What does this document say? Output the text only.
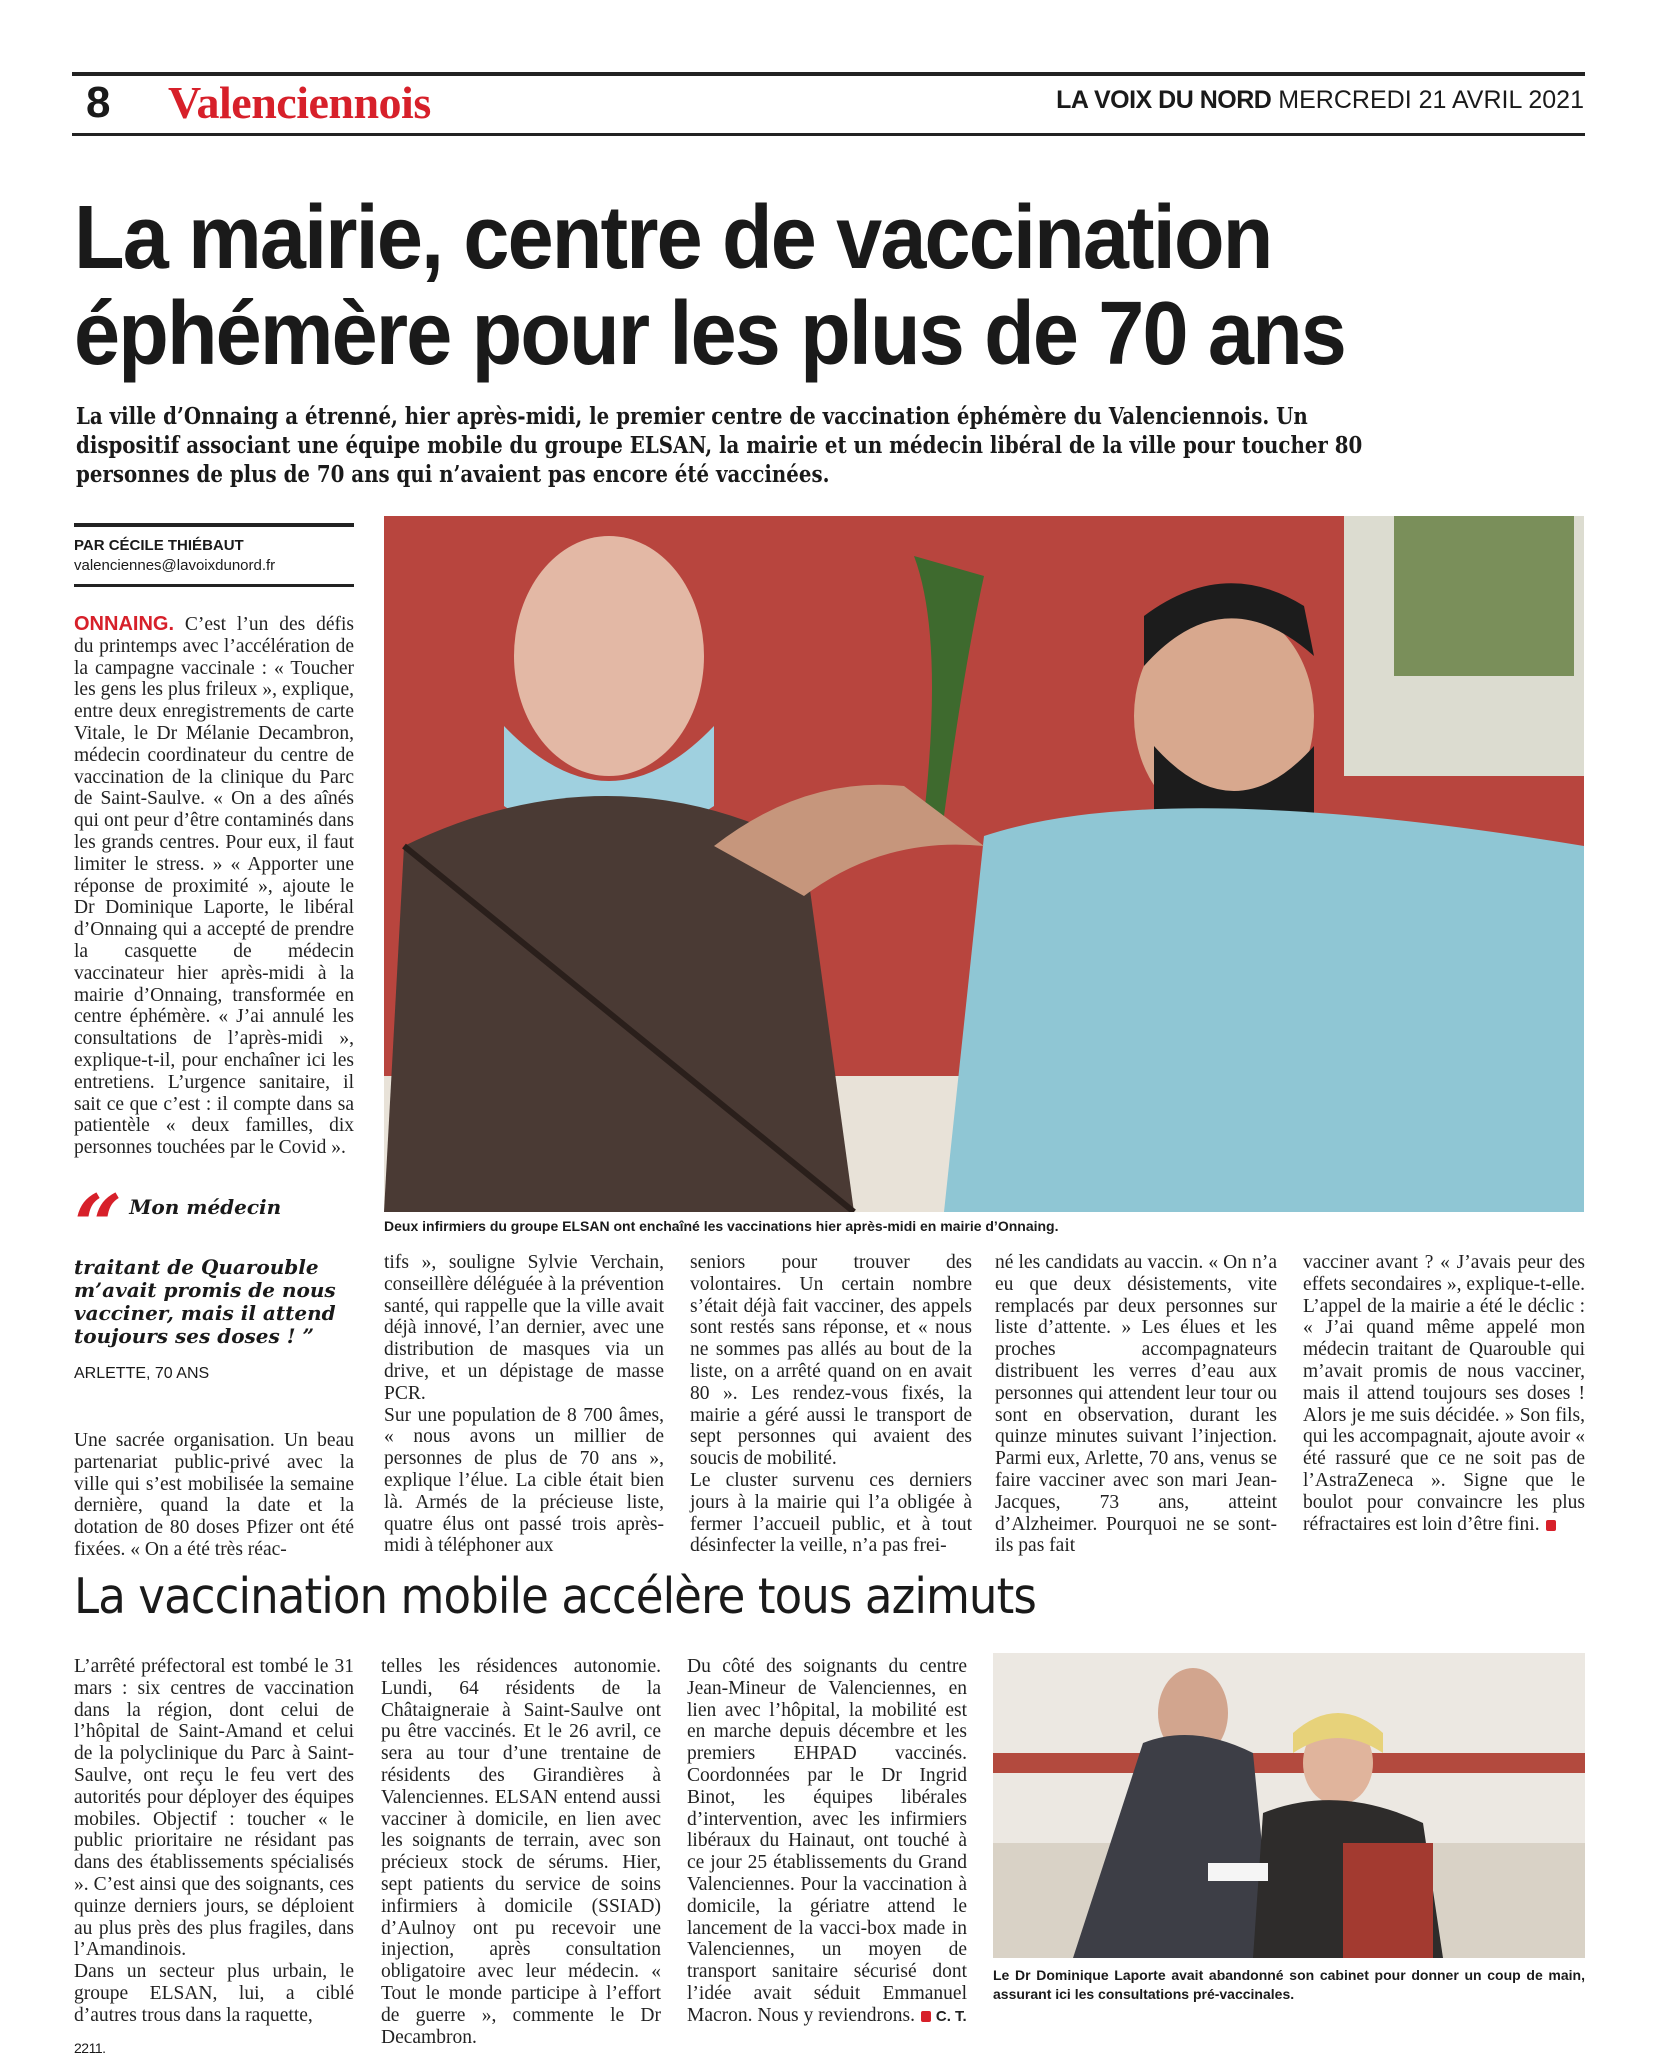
8 Valenciennois	LA VOIX DU NORD MERCREDI 21 AVRIL 2021
La mairie, centre de vaccination
éphémère pour les plus de 70 ans
La ville d’Onnaing a étrenné, hier après-midi, le premier centre de vaccination éphémère du Valenciennois. Un dispositif associant une équipe mobile du groupe ELSAN, la mairie et un médecin libéral de la ville pour toucher 80 personnes de plus de 70 ans qui n’avaient pas encore été vaccinées.
PAR CÉCILE THIÉBAUT
valenciennes@lavoixdunord.fr
ONNAING. C’est l’un des défis du printemps avec l’accélération de la campagne vaccinale : « Toucher les gens les plus frileux », explique, entre deux enregistrements de carte Vitale, le Dr Mélanie Decambron, médecin coordinateur du centre de vaccination de la clinique du Parc de Saint-Saulve. « On a des aînés qui ont peur d’être contaminés dans les grands centres. Pour eux, il faut limiter le stress. » « Apporter une réponse de proximité », ajoute le Dr Dominique Laporte, le libéral d’Onnaing qui a accepté de prendre la casquette de médecin vaccinateur hier après-midi à la mairie d’Onnaing, transformée en centre éphémère. « J’ai annulé les consultations de l’après-midi », explique-t-il, pour enchaîner ici les entretiens. L’urgence sanitaire, il sait ce que c’est : il compte dans sa patientèle « deux familles, dix personnes touchées par le Covid ».
“ Mon médecin traitant de Quarouble m’avait promis de nous vacciner, mais il attend toujours ses doses ! ”
ARLETTE, 70 ANS
Une sacrée organisation. Un beau partenariat public-privé avec la ville qui s’est mobilisée la semaine dernière, quand la date et la dotation de 80 doses Pfizer ont été fixées. « On a été très réac-
Deux infirmiers du groupe ELSAN ont enchaîné les vaccinations hier après-midi en mairie d’Onnaing.
tifs », souligne Sylvie Verchain, conseillère déléguée à la prévention santé, qui rappelle que la ville avait déjà innové, l’an dernier, avec une distribution de masques via un drive, et un dépistage de masse PCR.
Sur une population de 8 700 âmes, « nous avons un millier de personnes de plus de 70 ans », explique l’élue. La cible était bien là. Armés de la précieuse liste, quatre élus ont passé trois après-midi à téléphoner aux
seniors pour trouver des volontaires. Un certain nombre s’était déjà fait vacciner, des appels sont restés sans réponse, et « nous ne sommes pas allés au bout de la liste, on a arrêté quand on en avait 80 ». Les rendez-vous fixés, la mairie a géré aussi le transport de sept personnes qui avaient des soucis de mobilité.
Le cluster survenu ces derniers jours à la mairie qui l’a obligée à fermer l’accueil public, et à tout désinfecter la veille, n’a pas frei-
né les candidats au vaccin. « On n’a eu que deux désistements, vite remplacés par deux personnes sur liste d’attente. » Les élues et les proches accompagnateurs distribuent les verres d’eau aux personnes qui attendent leur tour ou sont en observation, durant les quinze minutes suivant l’injection. Parmi eux, Arlette, 70 ans, venus se faire vacciner avec son mari Jean-Jacques, 73 ans, atteint d’Alzheimer. Pourquoi ne se sont-ils pas fait
vacciner avant ? « J’avais peur des effets secondaires », explique-t-elle. L’appel de la mairie a été le déclic : « J’ai quand même appelé mon médecin traitant de Quarouble qui m’avait promis de nous vacciner, mais il attend toujours ses doses ! Alors je me suis décidée. » Son fils, qui les accompagnait, ajoute avoir « été rassuré que ce ne soit pas de l’AstraZeneca ». Signe que le boulot pour convaincre les plus réfractaires est loin d’être fini.
La vaccination mobile accélère tous azimuts
L’arrêté préfectoral est tombé le 31 mars : six centres de vaccination dans la région, dont celui de l’hôpital de Saint-Amand et celui de la polyclinique du Parc à Saint-Saulve, ont reçu le feu vert des autorités pour déployer des équipes mobiles. Objectif : toucher « le public prioritaire ne résidant pas dans des établissements spécialisés ». C’est ainsi que des soignants, ces quinze derniers jours, se déploient au plus près des plus fragiles, dans l’Amandinois.
Dans un secteur plus urbain, le groupe ELSAN, lui, a ciblé d’autres trous dans la raquette,
telles les résidences autonomie. Lundi, 64 résidents de la Châtaigneraie à Saint-Saulve ont pu être vaccinés. Et le 26 avril, ce sera au tour d’une trentaine de résidents des Girandières à Valenciennes. ELSAN entend aussi vacciner à domicile, en lien avec les soignants de terrain, avec son précieux stock de sérums. Hier, sept patients du service de soins infirmiers à domicile (SSIAD) d’Aulnoy ont pu recevoir une injection, après consultation obligatoire avec leur médecin. « Tout le monde participe à l’effort de guerre », commente le Dr Decambron.
Du côté des soignants du centre Jean-Mineur de Valenciennes, en lien avec l’hôpital, la mobilité est en marche depuis décembre et les premiers EHPAD vaccinés. Coordonnées par le Dr Ingrid Binot, les équipes libérales d’intervention, avec les infirmiers libéraux du Hainaut, ont touché à ce jour 25 établissements du Grand Valenciennes. Pour la vaccination à domicile, la gériatre attend le lancement de la vacci-box made in Valenciennes, un moyen de transport sanitaire sécurisé dont l’idée avait séduit Emmanuel Macron. Nous y reviendrons. C. T.
Le Dr Dominique Laporte avait abandonné son cabinet pour donner un coup de main, assurant ici les consultations pré-vaccinales.
2211.
